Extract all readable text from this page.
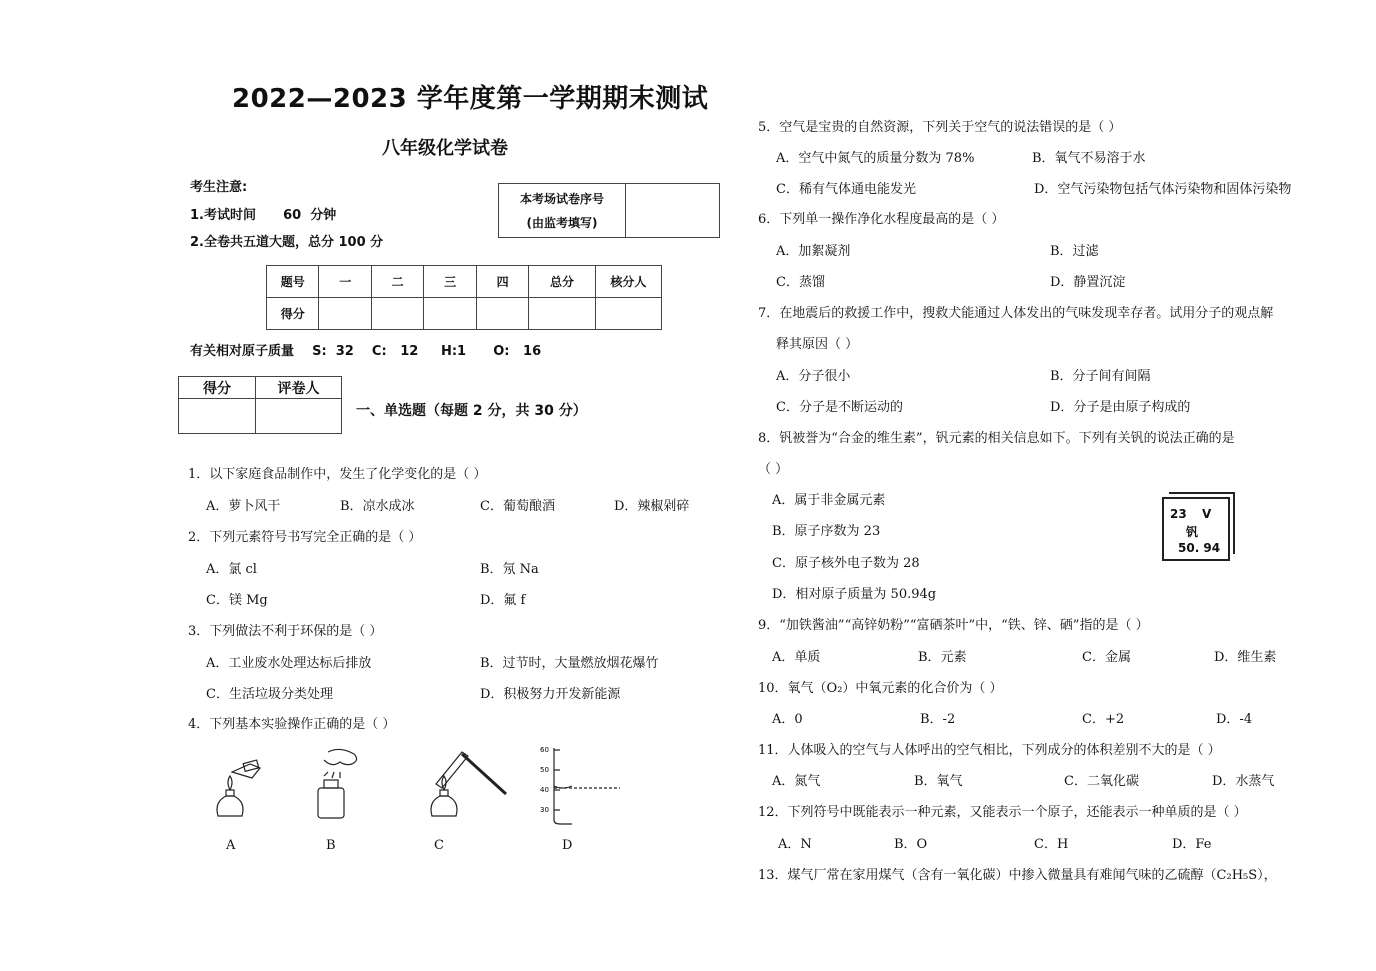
2022—2023 学年度第一学期期末测试
八年级化学试卷
考生注意:
1.考试时间      60  分钟
2.全卷共五道大题，总分 100 分
本考场试卷序号
(由监考填写)

题号	一	二	三	四	总分	核分人
得分						
有关相对原子质量    S:  32    C:   12     H:1      O:   16
得分	评卷人

一、单选题（每题 2 分，共 30 分）
1．以下家庭食品制作中，发生了化学变化的是（ ）
A．萝卜风干	B．凉水成冰	C．葡萄酿酒	D．辣椒剁碎
2．下列元素符号书写完全正确的是（ ）
A．氯 cl	B．氖 Na
C．镁 Mg	D．氟 f
3．下列做法不利于环保的是（ ）
A．工业废水处理达标后排放	B．过节时，大量燃放烟花爆竹
C．生活垃圾分类处理	D．积极努力开发新能源
4．下列基本实验操作正确的是（ ）
60
50
40
30
A	B	C	D
5．空气是宝贵的自然资源，下列关于空气的说法错误的是（ ）
A．空气中氮气的质量分数为 78%	B．氧气不易溶于水
C．稀有气体通电能发光	D．空气污染物包括气体污染物和固体污染物
6．下列单一操作净化水程度最高的是（ ）
A．加絮凝剂	B．过滤
C．蒸馏	D．静置沉淀
7．在地震后的救援工作中，搜救犬能通过人体发出的气味发现幸存者。试用分子的观点解
释其原因（ ）
A．分子很小	B．分子间有间隔
C．分子是不断运动的	D．分子是由原子构成的
8．钒被誉为“合金的维生素”，钒元素的相关信息如下。下列有关钒的说法正确的是
（ ）
A．属于非金属元素
B．原子序数为 23
C．原子核外电子数为 28
D．相对原子质量为 50.94g
23 V
钒
50. 94
9．“加铁酱油”“高锌奶粉”“富硒茶叶”中，“铁、锌、硒”指的是（ ）
A．单质	B．元素	C．金属	D．维生素
10．氧气（O₂）中氧元素的化合价为（ ）
A．0	B．-2	C．+2	D．-4
11．人体吸入的空气与人体呼出的空气相比，下列成分的体积差别不大的是（ ）
A．氮气	B．氧气	C．二氧化碳	D．水蒸气
12．下列符号中既能表示一种元素，又能表示一个原子，还能表示一种单质的是（ ）
A．N	B．O	C．H	D．Fe
13．煤气厂常在家用煤气（含有一氧化碳）中掺入微量具有难闻气味的乙硫醇（C₂H₅S），
